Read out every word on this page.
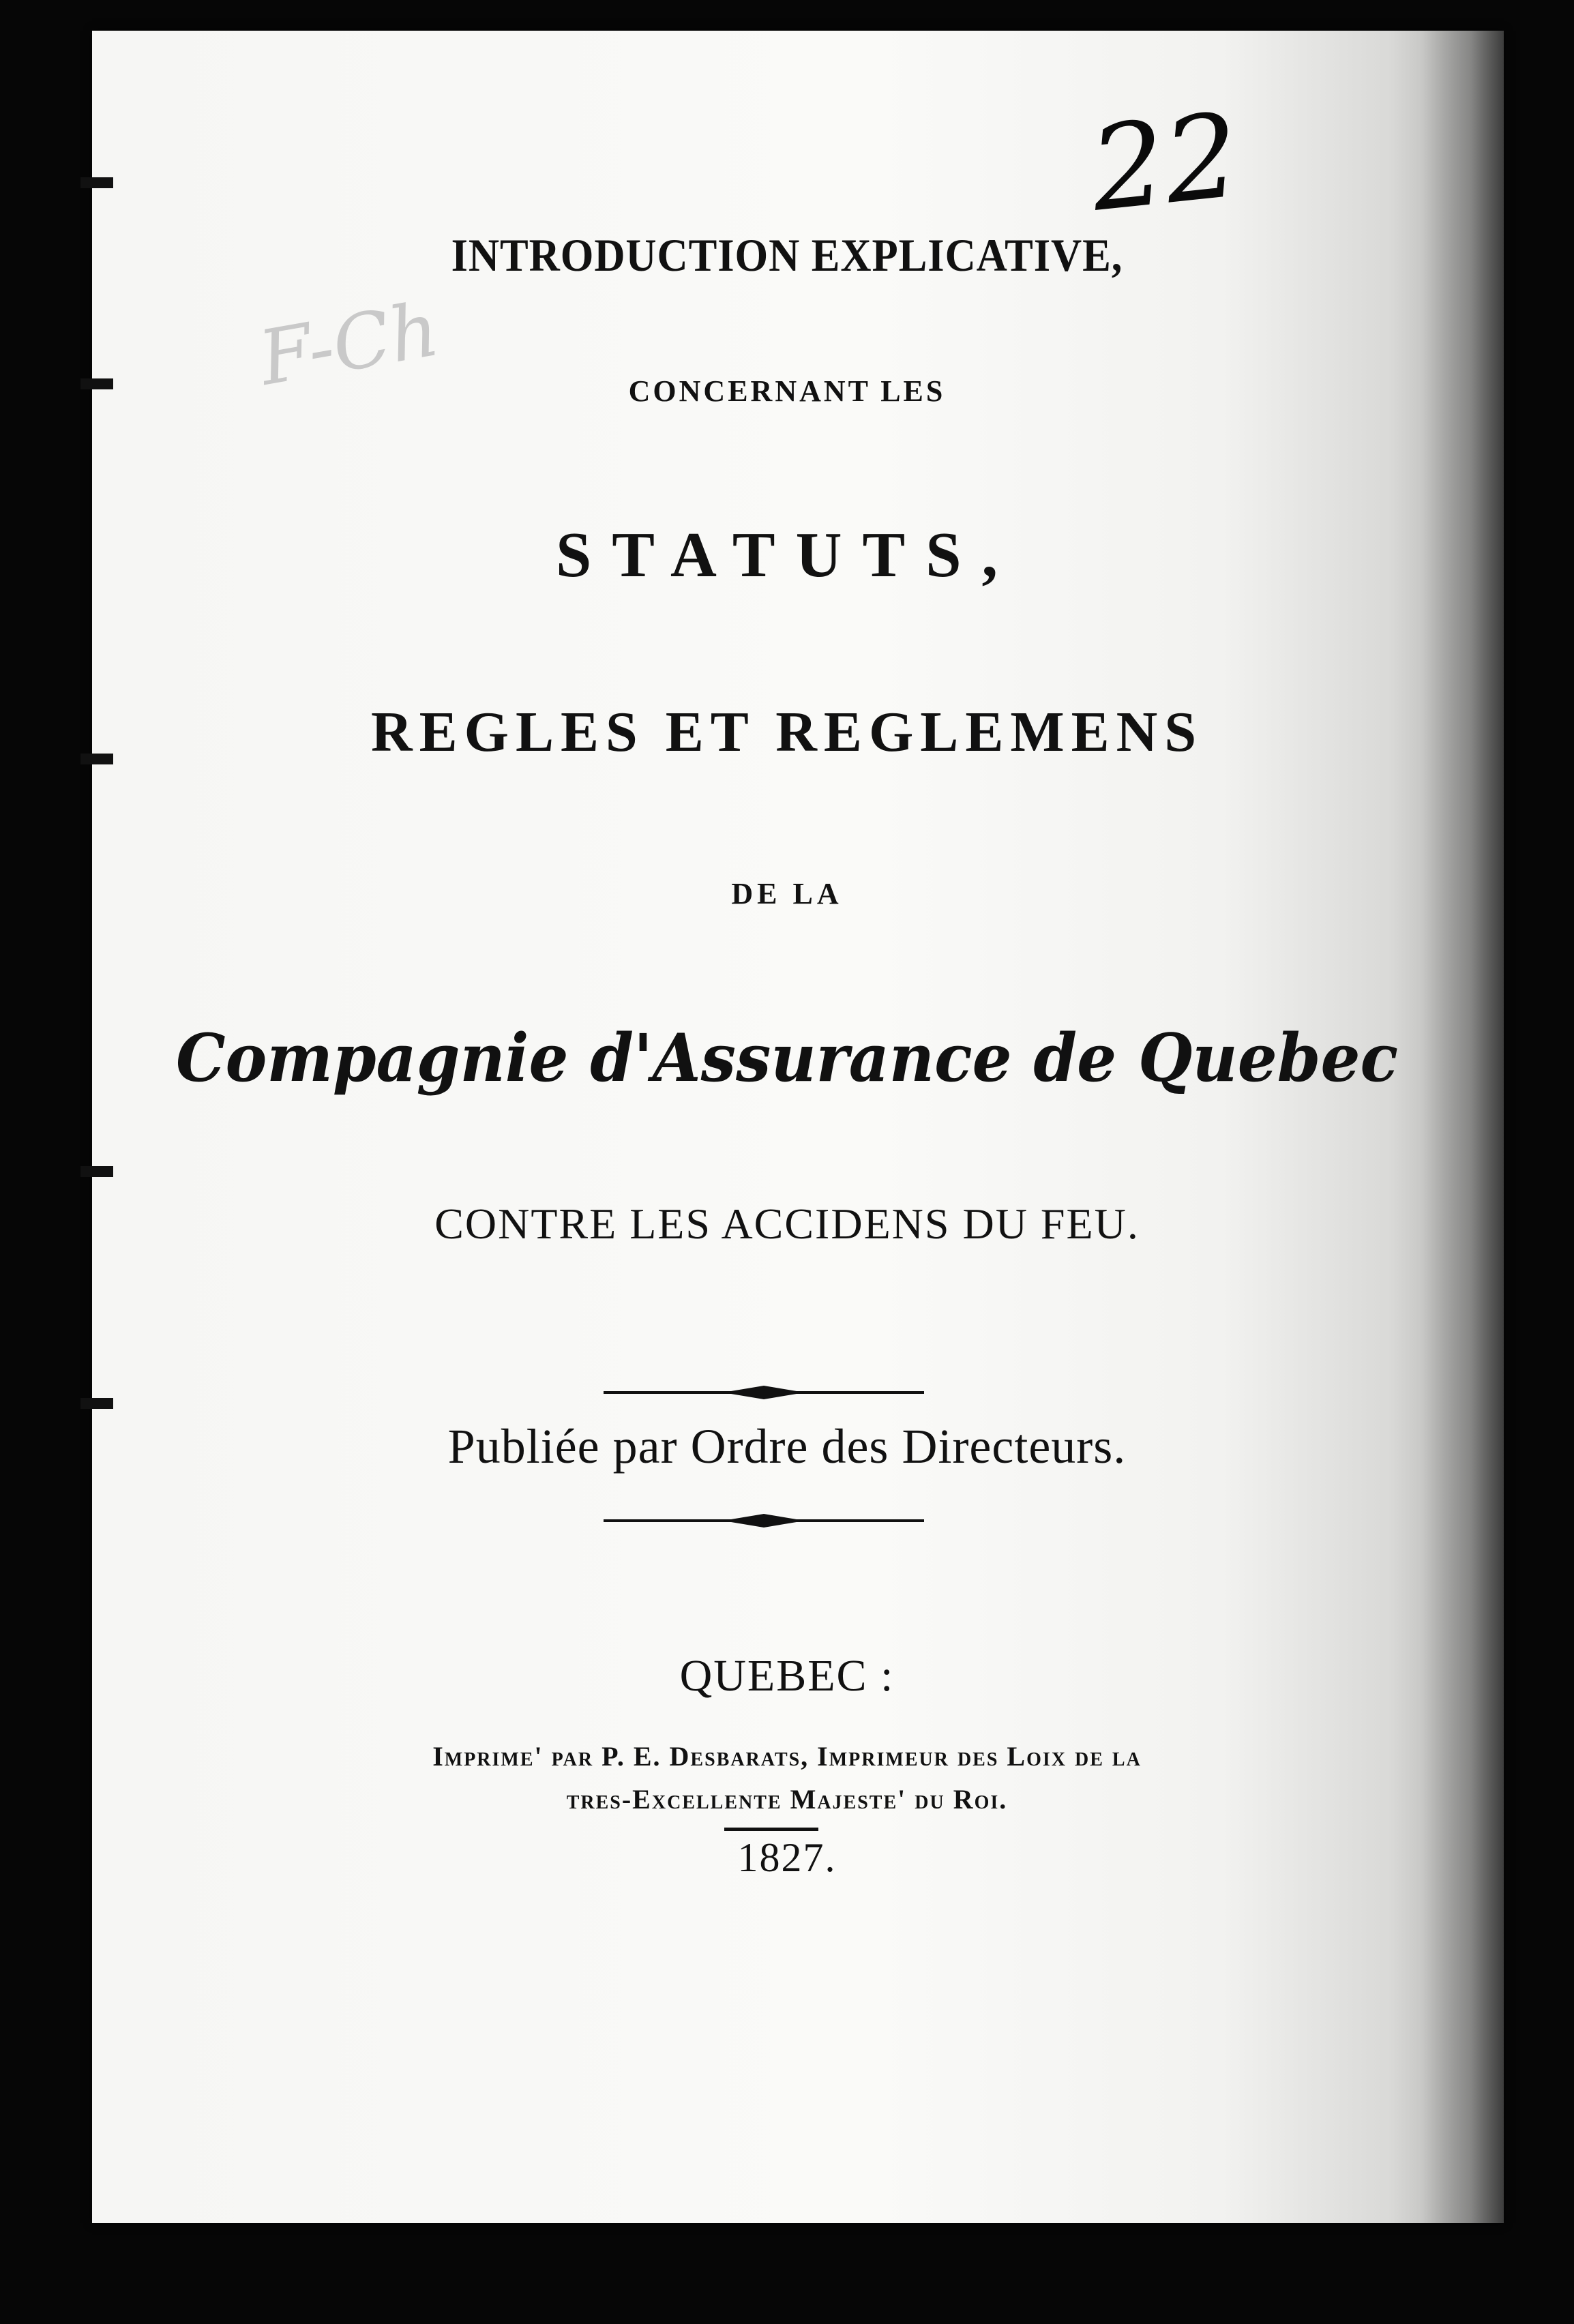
22
F-Ch
INTRODUCTION EXPLICATIVE,
CONCERNANT LES
STATUTS,
REGLES ET REGLEMENS
DE LA
Compagnie d'Assurance de Quebec
CONTRE LES ACCIDENS DU FEU.
Publiée par Ordre des Directeurs.
QUEBEC :
Imprime' par P. E. Desbarats, Imprimeur des Loix de la
tres-Excellente Majeste' du Roi.
1827.
